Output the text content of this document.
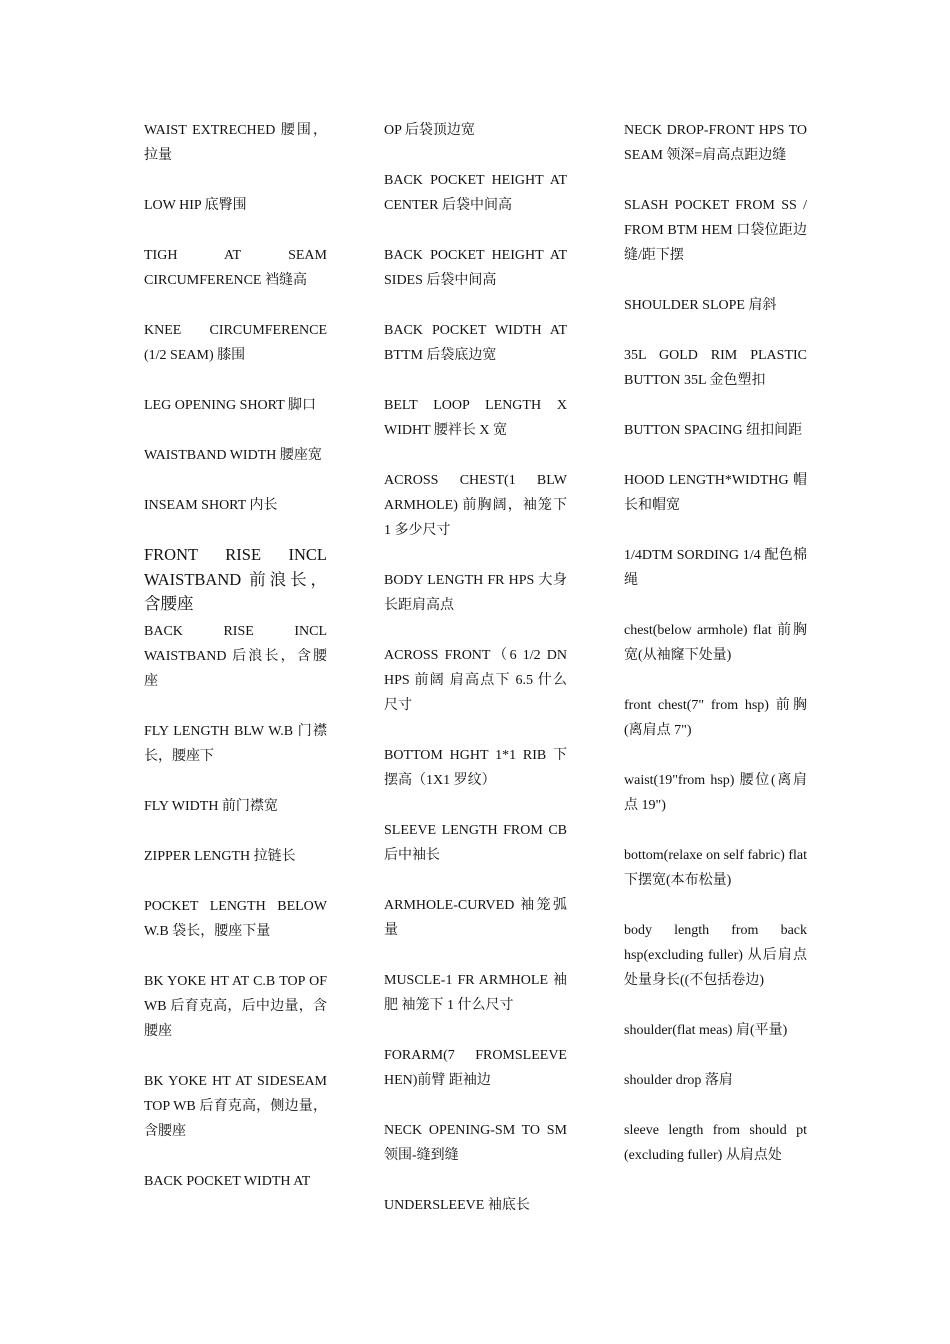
WAIST EXTRECHED 腰围，拉量

LOW HIP 底臀围

TIGH AT SEAM CIRCUMFERENCE 裆缝高

KNEE CIRCUMFERENCE (1/2 SEAM) 膝围

LEG OPENING SHORT 脚口

WAISTBAND WIDTH 腰座宽

INSEAM SHORT 内长

FRONT RISE INCL WAISTBAND 前浪长，含腰座

BACK RISE INCL WAISTBAND 后浪长，含腰座

FLY LENGTH BLW W.B 门襟长，腰座下

FLY WIDTH 前门襟宽

ZIPPER LENGTH 拉链长

POCKET LENGTH BELOW W.B 袋长，腰座下量

BK YOKE HT AT C.B TOP OF WB 后育克高，后中边量，含腰座

BK YOKE HT AT SIDESEAM TOP WB 后育克高，侧边量，含腰座

BACK POCKET WIDTH AT

OP 后袋顶边宽

BACK POCKET HEIGHT AT CENTER 后袋中间高

BACK POCKET HEIGHT AT SIDES 后袋中间高

BACK POCKET WIDTH AT BTTM 后袋底边宽

BELT LOOP LENGTH X WIDHT 腰袢长 X 宽

ACROSS CHEST(1 BLW ARMHOLE) 前胸阔，袖笼下 1 多少尺寸

BODY LENGTH FR HPS 大身长距肩高点

ACROSS FRONT（6 1/2 DN HPS 前阔 肩高点下 6.5 什么尺寸

BOTTOM HGHT 1*1 RIB 下摆高（1X1 罗纹）

SLEEVE LENGTH FROM CB 后中袖长

ARMHOLE-CURVED 袖笼弧量

MUSCLE-1 FR ARMHOLE 袖肥 袖笼下 1 什么尺寸

FORARM(7 FROMSLEEVE HEN)前臂 距袖边

NECK OPENING-SM TO SM 领围-缝到缝

UNDERSLEEVE 袖底长

NECK DROP-FRONT HPS TO SEAM 领深=肩高点距边缝

SLASH POCKET FROM SS / FROM BTM HEM 口袋位距边缝/距下摆

SHOULDER SLOPE 肩斜

35L GOLD RIM PLASTIC BUTTON 35L 金色塑扣

BUTTON SPACING 纽扣间距

HOOD LENGTH*WIDTHG 帽长和帽宽

1/4DTM SORDING 1/4 配色棉绳

chest(below armhole) flat 前胸宽(从袖窿下处量)

front chest(7" from hsp) 前胸(离肩点 7")

waist(19"from hsp) 腰位(离肩点 19")

bottom(relaxe on self fabric) flat 下摆宽(本布松量)

body length from back hsp(excluding fuller) 从后肩点处量身长((不包括卷边)

shoulder(flat meas) 肩(平量)

shoulder drop 落肩

sleeve length from should pt (excluding fuller) 从肩点处
